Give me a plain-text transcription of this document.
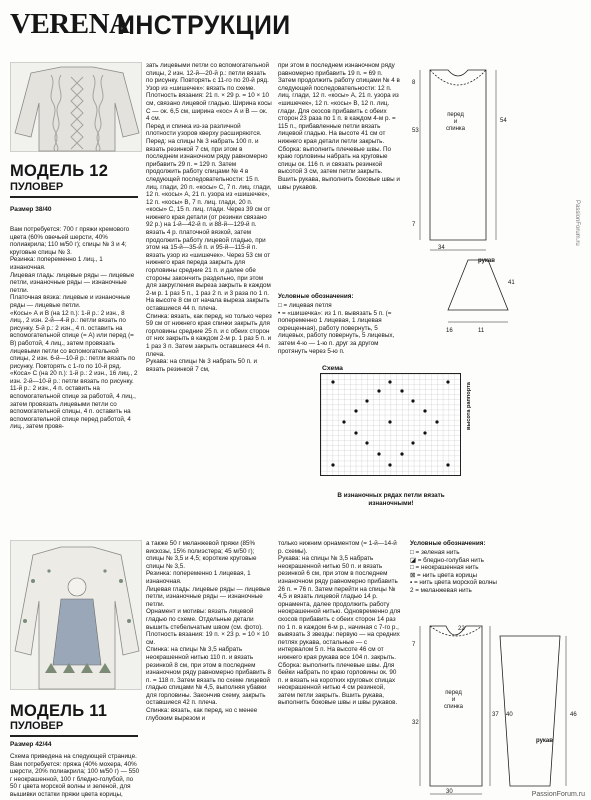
VERENA
ИНСТРУКЦИИ
МОДЕЛЬ 12
ПУЛОВЕР
Размер 38/40
Вам потребуется: 700 г пряжи кремового цвета (60% овечьей шерсти, 40% полиакрила; 110 м/50 г); спицы № 3 и 4; круговые спицы № 3.
Резинка: попеременно 1 лиц., 1 изнаночная.
Лицевая гладь: лицевые ряды — лицевые петли, изнаночные ряды — изнаночные петли.
Платочная вязка: лицевые и изнаночные ряды — лицевые петли.
«Косы» А и В (на 12 п.): 1-й р.: 2 изн., 8 лиц., 2 изн. 2-й—4-й р.: петли вязать по рисунку. 5-й р.: 2 изн., 4 п. оставить на вспомогательной спице (= А) или перед (= В) работой, 4 лиц., затем провязать лицевыми петли со вспомогательной спицы, 2 изн. 6-й—10-й р.: петли вязать по рисунку. Повторять с 1-го по 10-й ряд.
«Коса» С (на 20 п.): 1-й р.: 2 изн., 16 лиц., 2 изн. 2-й—10-й р.: петли вязать по рисунку. 11-й р.: 2 изн., 4 п. оставить на вспомогательной спице за работой, 4 лиц., затем провязать лицевыми петли со вспомогательной спицы, 4 п. оставить на вспомогательной спице перед работой, 4 лиц., затем провя-
зать лицевыми петли со вспомогательной спицы, 2 изн. 12-й—20-й р.: петли вязать по рисунку. Повторять с 11-го по 20-й ряд.
Узор из «шишечек»: вязать по схеме.
Плотность вязания: 21 п. × 29 р. = 10 × 10 см, связано лицевой гладью. Ширина косы С — ок. 6,5 см, ширина «кос» А и В — ок. 4 см.
Перед и спинка из-за различной плотности узоров кверху расширяются.
Перед: на спицы № 3 набрать 100 п. и вязать резинкой 7 см, при этом в последнем изнаночном ряду равномерно прибавить 29 п. = 129 п. Затем продолжить работу спицами № 4 в следующей последовательности: 15 п. лиц. глади, 20 п. «косы» С, 7 п. лиц. глади, 12 п. «косы» А, 21 п. узора из «шишечек», 12 п. «косы» В, 7 п. лиц. глади, 20 п. «косы» С, 15 п. лиц. глади. Через 39 см от нижнего края детали (от резинки связано 92 р.) на 1-й—42-й п. и 88-й—129-й п. вязать 4 р. платочной вязкой, затем продолжить работу лицевой гладью, при этом на 15-й—35-й п. и 95-й—115-й п. вязать узор из «шишечек». Через 53 см от нижнего края переда закрыть для горловины средние 21 п. и далее обе стороны закончить раздельно, при этом для закругления выреза закрыть в каждом 2-м р. 1 раз 5 п., 1 раз 2 п. и 3 раза по 1 п. На высоте 8 см от начала выреза закрыть оставшиеся 44 п. плеча.
Спинка: вязать, как перед, но только через 59 см от нижнего края спинки закрыть для горловины средние 25 п. и с обеих сторон от них закрыть в каждом 2-м р. 1 раз 5 п. и 1 раз 3 п. Затем закрыть оставшиеся 44 п. плеча.
Рукава: на спицы № 3 набрать 50 п. и вязать резинкой 7 см,
при этом в последнем изнаночном ряду равномерно прибавить 19 п. = 69 п. Затем продолжить работу спицами № 4 в следующей последовательности: 12 п. лиц. глади, 12 п. «косы» А, 21 п. узора из «шишечек», 12 п. «косы» В, 12 п. лиц. глади. Для скосов прибавить с обеих сторон 23 раза по 1 п. в каждом 4-м р. = 115 п., прибавленные петли вязать лицевой гладью. На высоте 41 см от нижнего края детали петли закрыть.
Сборка: выполнить плечевые швы. По краю горловины набрать на круговые спицы ок. 116 п. и связать резинкой высотой 3 см, затем петли закрыть. Вшить рукава, выполнить боковые швы и швы рукавов.
Условные обозначения:
□ = лицевая петля
• = «шишечка»: из 1 п. вывязать 5 п. (= попеременно 1 лицевая, 1 лицевая скрещенная), работу повернуть, 5 лицевых, работу повернуть, 5 лицевых, затем 4-ю — 1-ю п. друг за другом протянуть через 5-ю п.
перед
и
спинка
рукав
53
54
8
7
34
41
16	11
Схема
высота раппорта
В изнаночных рядах петли вязать изнаночными!
МОДЕЛЬ 11
ПУЛОВЕР
Размер 42/44
Схема приведена на следующей странице.
Вам потребуется: пряжа (40% мохера, 40% шерсти, 20% полиакрила; 100 м/50 г) — 550 г неокрашенной, 100 г бледно-голубой, по 50 г цвета морской волны и зеленой, для вышивки остатки пряжи цвета корицы,
а также 50 г меланжевой пряжи (85% вискозы, 15% полиэстера; 45 м/50 г); спицы № 3,5 и 4,5; короткие круговые спицы № 3,5.
Резинка: попеременно 1 лицевая, 1 изнаночная.
Лицевая гладь: лицевые ряды — лицевые петли, изнаночные ряды — изнаночные петли.
Орнамент и мотивы: вязать лицевой гладью по схеме. Отдельные детали вышить стебельчатым швом (см. фото).
Плотность вязания: 19 п. × 23 р. = 10 × 10 см.
Спинка: на спицы № 3,5 набрать неокрашенной нитью 110 п. и вязать резинкой 8 см, при этом в последнем изнаночном ряду равномерно прибавить 8 п. = 118 п. Затем вязать по схеме лицевой гладью спицами № 4,5, выполняя убавки для горловины. Закончив схему, закрыть оставшиеся 42 п. плеча.
Спинка: вязать, как перед, но с менее глубоким вырезом и
только нижним орнаментом (= 1-й—14-й р. схемы).
Рукава: на спицы № 3,5 набрать неокрашенной нитью 50 п. и вязать резинкой 6 см, при этом в последнем изнаночном ряду равномерно прибавить 26 п. = 76 п. Затем перейти на спицы № 4,5 и вязать лицевой гладью 14 р. орнамента, далее продолжить работу неокрашенной нитью. Одновременно для скосов прибавить с обеих сторон 14 раз по 1 п. в каждом 6-м р., начиная с 7-го р., вывязать 3 звезды: первую — на средних петлях рукава, остальные — с интервалом 5 п. На высоте 46 см от нижнего края рукава все 104 п. закрыть.
Сборка: выполнить плечевые швы. Для бейки набрать по краю горловины ок. 90 п. и вязать на коротких круговых спицах неокрашенной нитью 4 см резинкой, затем петли закрыть. Вшить рукава, выполнить боковые швы и швы рукавов.
Условные обозначения:
□ = зеленая нить
◪ = бледно-голубая нить
□ = неокрашенная нить
⊠ = нить цвета корицы
▪ = нить цвета морской волны
2 = меланжевая нить
перед
и
спинка
рукав
22
7
32
37 40	46
30
PassionForum.ru
PassionForum.ru
